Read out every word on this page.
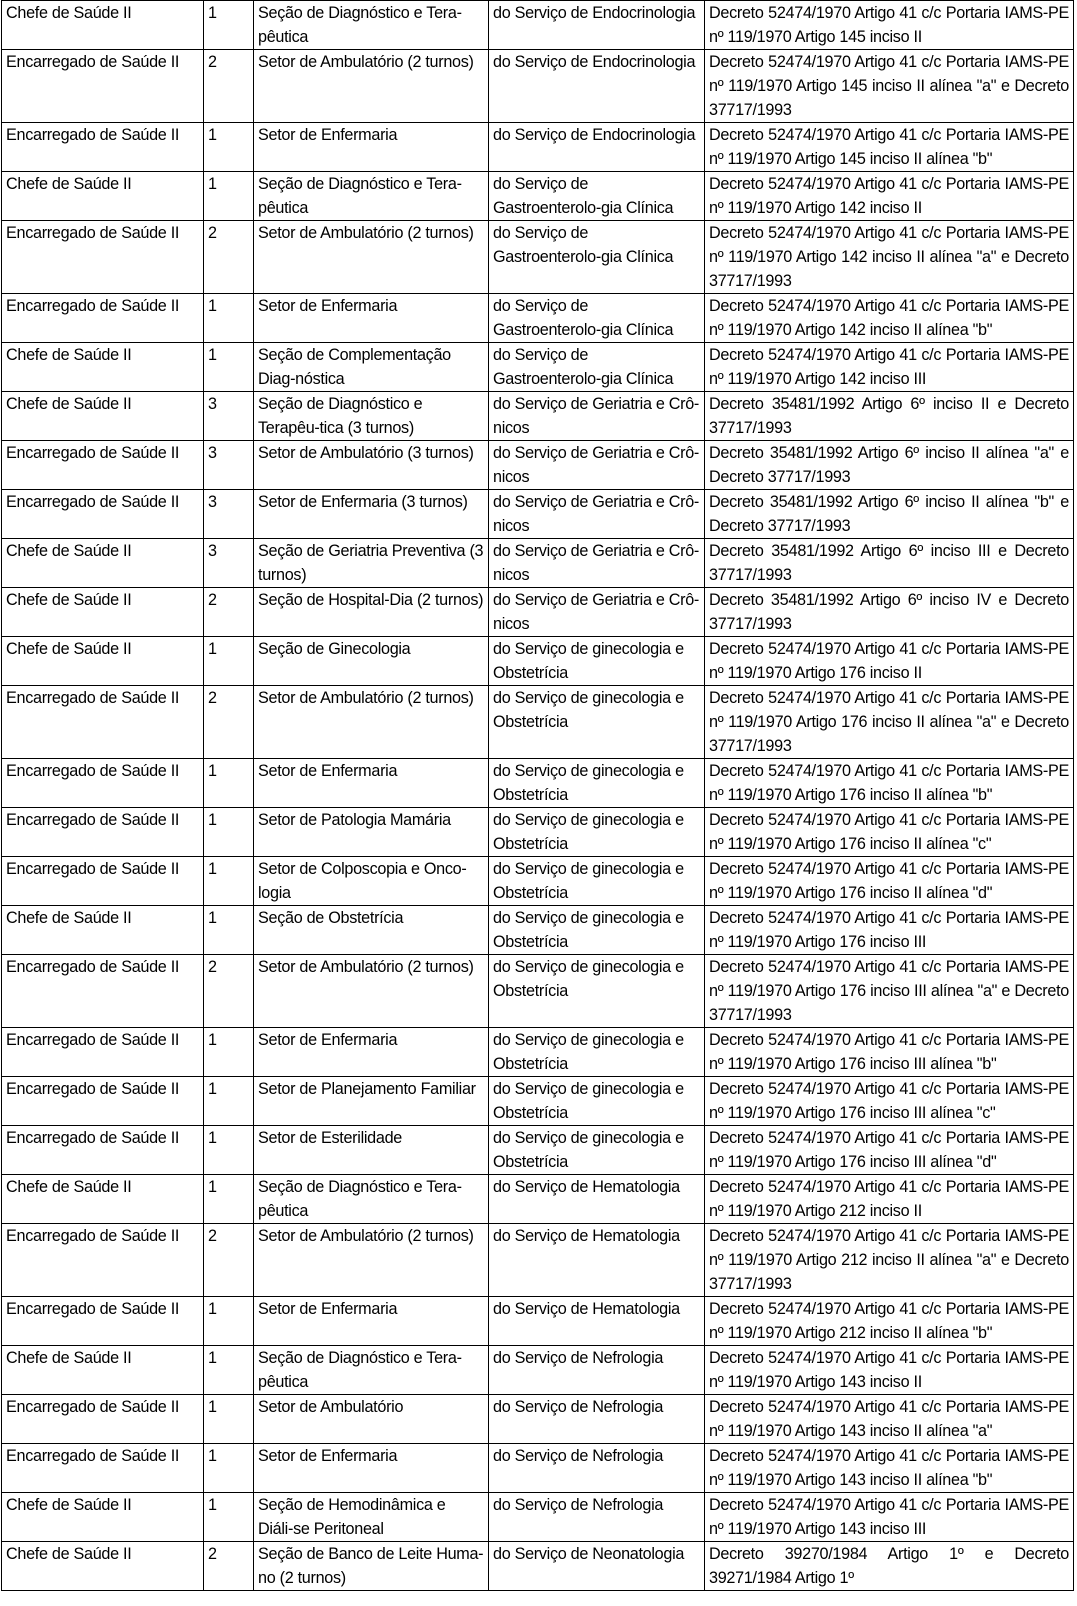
Chefe de Saúde II	1	Seção de Diagnóstico e Tera-pêutica	do Serviço de Endocrinologia	Decreto 52474/1970 Artigo 41 c/c Portaria IAMS-PE nº 119/1970 Artigo 145 inciso II
Encarregado de Saúde II	2	Setor de Ambulatório (2 turnos)	do Serviço de Endocrinologia	Decreto 52474/1970 Artigo 41 c/c Portaria IAMS-PE nº 119/1970 Artigo 145 inciso II alínea "a" e Decreto 37717/1993
Encarregado de Saúde II	1	Setor de Enfermaria	do Serviço de Endocrinologia	Decreto 52474/1970 Artigo 41 c/c Portaria IAMS-PE nº 119/1970 Artigo 145 inciso II alínea "b"
Chefe de Saúde II	1	Seção de Diagnóstico e Tera-pêutica	do Serviço de Gastroenterolo-gia Clínica	Decreto 52474/1970 Artigo 41 c/c Portaria IAMS-PE nº 119/1970 Artigo 142 inciso II
Encarregado de Saúde II	2	Setor de Ambulatório (2 turnos)	do Serviço de Gastroenterolo-gia Clínica	Decreto 52474/1970 Artigo 41 c/c Portaria IAMS-PE nº 119/1970 Artigo 142 inciso II alínea "a" e Decreto 37717/1993
Encarregado de Saúde II	1	Setor de Enfermaria	do Serviço de Gastroenterolo-gia Clínica	Decreto 52474/1970 Artigo 41 c/c Portaria IAMS-PE nº 119/1970 Artigo 142 inciso II alínea "b"
Chefe de Saúde II	1	Seção de Complementação Diag-nóstica	do Serviço de Gastroenterolo-gia Clínica	Decreto 52474/1970 Artigo 41 c/c Portaria IAMS-PE nº 119/1970 Artigo 142 inciso III
Chefe de Saúde II	3	Seção de Diagnóstico e Terapêu-tica (3 turnos)	do Serviço de Geriatria e Crô-nicos	Decreto 35481/1992 Artigo 6º inciso II e Decreto 37717/1993
Encarregado de Saúde II	3	Setor de Ambulatório (3 turnos)	do Serviço de Geriatria e Crô-nicos	Decreto 35481/1992 Artigo 6º inciso II alínea "a" e Decreto 37717/1993
Encarregado de Saúde II	3	Setor de Enfermaria (3 turnos)	do Serviço de Geriatria e Crô-nicos	Decreto 35481/1992 Artigo 6º inciso II alínea "b" e Decreto 37717/1993
Chefe de Saúde II	3	Seção de Geriatria Preventiva (3 turnos)	do Serviço de Geriatria e Crô-nicos	Decreto 35481/1992 Artigo 6º inciso III e Decreto 37717/1993
Chefe de Saúde II	2	Seção de Hospital-Dia (2 turnos)	do Serviço de Geriatria e Crô-nicos	Decreto 35481/1992 Artigo 6º inciso IV e Decreto 37717/1993
Chefe de Saúde II	1	Seção de Ginecologia	do Serviço de ginecologia e Obstetrícia	Decreto 52474/1970 Artigo 41 c/c Portaria IAMS-PE nº 119/1970 Artigo 176 inciso II
Encarregado de Saúde II	2	Setor de Ambulatório (2 turnos)	do Serviço de ginecologia e Obstetrícia	Decreto 52474/1970 Artigo 41 c/c Portaria IAMS-PE nº 119/1970 Artigo 176 inciso II alínea "a" e Decreto 37717/1993
Encarregado de Saúde II	1	Setor de Enfermaria	do Serviço de ginecologia e Obstetrícia	Decreto 52474/1970 Artigo 41 c/c Portaria IAMS-PE nº 119/1970 Artigo 176 inciso II alínea "b"
Encarregado de Saúde II	1	Setor de Patologia Mamária	do Serviço de ginecologia e Obstetrícia	Decreto 52474/1970 Artigo 41 c/c Portaria IAMS-PE nº 119/1970 Artigo 176 inciso II alínea "c"
Encarregado de Saúde II	1	Setor de Colposcopia e Onco-logia	do Serviço de ginecologia e Obstetrícia	Decreto 52474/1970 Artigo 41 c/c Portaria IAMS-PE nº 119/1970 Artigo 176 inciso II alínea "d"
Chefe de Saúde II	1	Seção de Obstetrícia	do Serviço de ginecologia e Obstetrícia	Decreto 52474/1970 Artigo 41 c/c Portaria IAMS-PE nº 119/1970 Artigo 176 inciso III
Encarregado de Saúde II	2	Setor de Ambulatório (2 turnos)	do Serviço de ginecologia e Obstetrícia	Decreto 52474/1970 Artigo 41 c/c Portaria IAMS-PE nº 119/1970 Artigo 176 inciso III alínea "a" e Decreto 37717/1993
Encarregado de Saúde II	1	Setor de Enfermaria	do Serviço de ginecologia e Obstetrícia	Decreto 52474/1970 Artigo 41 c/c Portaria IAMS-PE nº 119/1970 Artigo 176 inciso III alínea "b"
Encarregado de Saúde II	1	Setor de Planejamento Familiar	do Serviço de ginecologia e Obstetrícia	Decreto 52474/1970 Artigo 41 c/c Portaria IAMS-PE nº 119/1970 Artigo 176 inciso III alínea "c"
Encarregado de Saúde II	1	Setor de Esterilidade	do Serviço de ginecologia e Obstetrícia	Decreto 52474/1970 Artigo 41 c/c Portaria IAMS-PE nº 119/1970 Artigo 176 inciso III alínea "d"
Chefe de Saúde II	1	Seção de Diagnóstico e Tera-pêutica	do Serviço de Hematologia	Decreto 52474/1970 Artigo 41 c/c Portaria IAMS-PE nº 119/1970 Artigo 212 inciso II
Encarregado de Saúde II	2	Setor de Ambulatório (2 turnos)	do Serviço de Hematologia	Decreto 52474/1970 Artigo 41 c/c Portaria IAMS-PE nº 119/1970 Artigo 212 inciso II alínea "a" e Decreto 37717/1993
Encarregado de Saúde II	1	Setor de Enfermaria	do Serviço de Hematologia	Decreto 52474/1970 Artigo 41 c/c Portaria IAMS-PE nº 119/1970 Artigo 212 inciso II alínea "b"
Chefe de Saúde II	1	Seção de Diagnóstico e Tera-pêutica	do Serviço de Nefrologia	Decreto 52474/1970 Artigo 41 c/c Portaria IAMS-PE nº 119/1970 Artigo 143 inciso II
Encarregado de Saúde II	1	Setor de Ambulatório	do Serviço de Nefrologia	Decreto 52474/1970 Artigo 41 c/c Portaria IAMS-PE nº 119/1970 Artigo 143 inciso II alínea "a"
Encarregado de Saúde II	1	Setor de Enfermaria	do Serviço de Nefrologia	Decreto 52474/1970 Artigo 41 c/c Portaria IAMS-PE nº 119/1970 Artigo 143 inciso II alínea "b"
Chefe de Saúde II	1	Seção de Hemodinâmica e Diáli-se Peritoneal	do Serviço de Nefrologia	Decreto 52474/1970 Artigo 41 c/c Portaria IAMS-PE nº 119/1970 Artigo 143 inciso III
Chefe de Saúde II	2	Seção de Banco de Leite Huma-no (2 turnos)	do Serviço de Neonatologia	Decreto 39270/1984 Artigo 1º e Decreto 39271/1984 Artigo 1º
